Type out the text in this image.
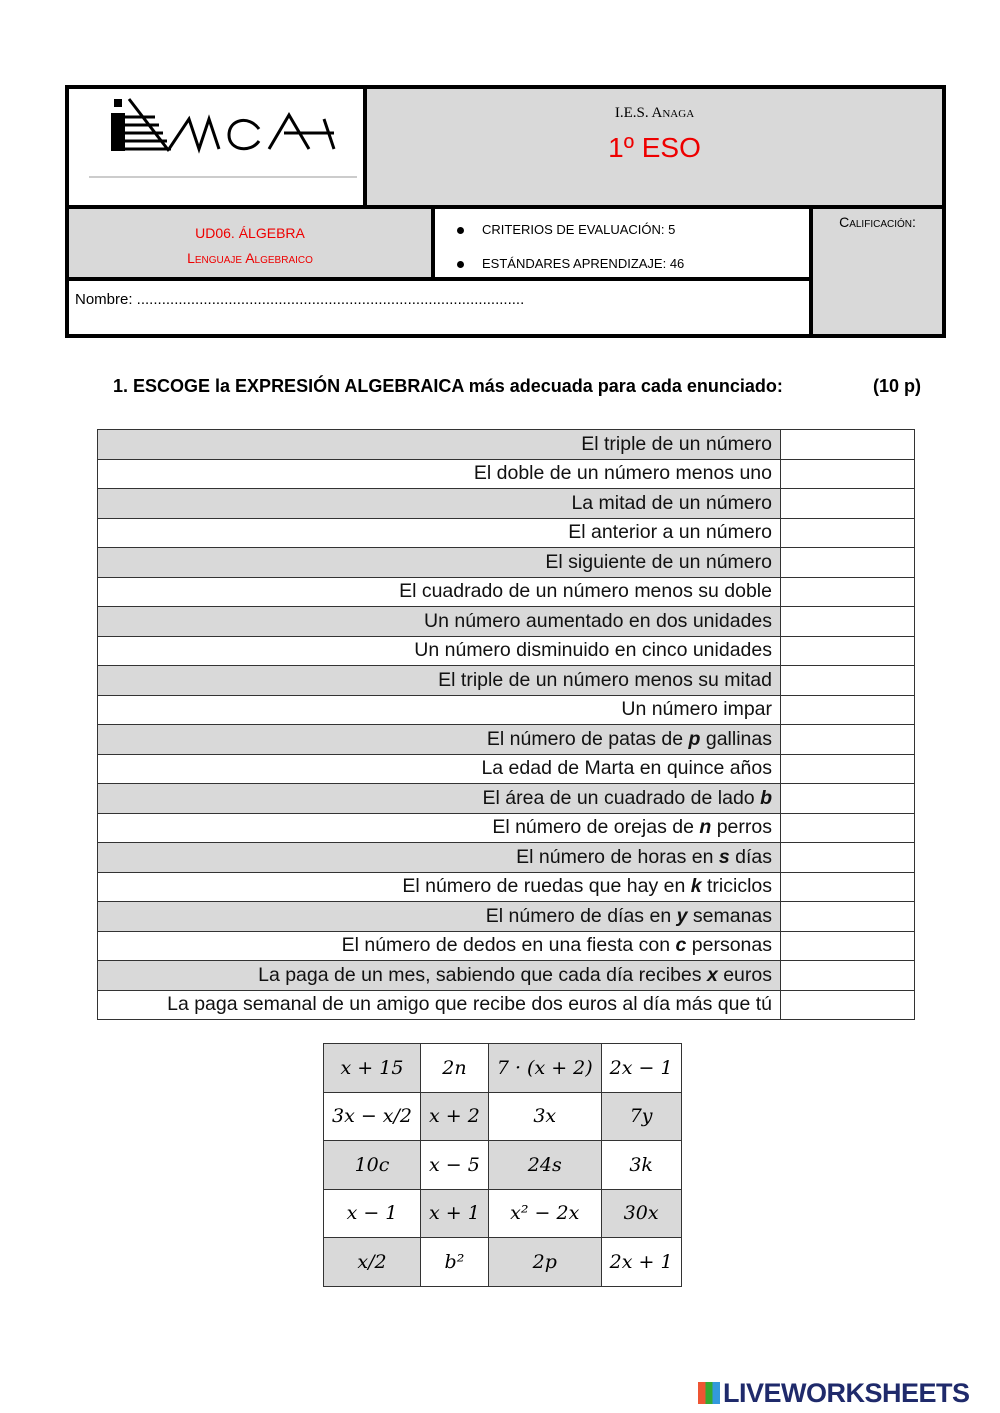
I.E.S. Anaga
1º ESO
UD06. ÁLGEBRA
Lenguaje Algebraico
CRITERIOS DE EVALUACIÓN: 5
ESTÁNDARES APRENDIZAJE: 46
Calificación:
Nombre: .............................................................................................
1. ESCOGE la EXPRESIÓN ALGEBRAICA más adecuada para cada enunciado:	(10 p)
El triple de un número	
El doble de un número menos uno	
La mitad de un número	
El anterior a un número	
El siguiente de un número	
El cuadrado de un número menos su doble	
Un número aumentado en dos unidades	
Un número disminuido en cinco unidades	
El triple de un número menos su mitad	
Un número impar	
El número de patas de p gallinas	
La edad de Marta en quince años	
El área de un cuadrado de lado b	
El número de orejas de n perros	
El número de horas en s días	
El número de ruedas que hay en k triciclos	
El número de días en y semanas	
El número de dedos en una fiesta con c personas	
La paga de un mes, sabiendo que cada día recibes x euros	
La paga semanal de un amigo que recibe dos euros al día más que tú	
x + 15	2n	7 · (x + 2)	2x − 1
3x − x/2	x + 2	3x	7y
10c	x − 5	24s	3k
x − 1	x + 1	x² − 2x	30x
x/2	b²	2p	2x + 1
LIVEWORKSHEETS
